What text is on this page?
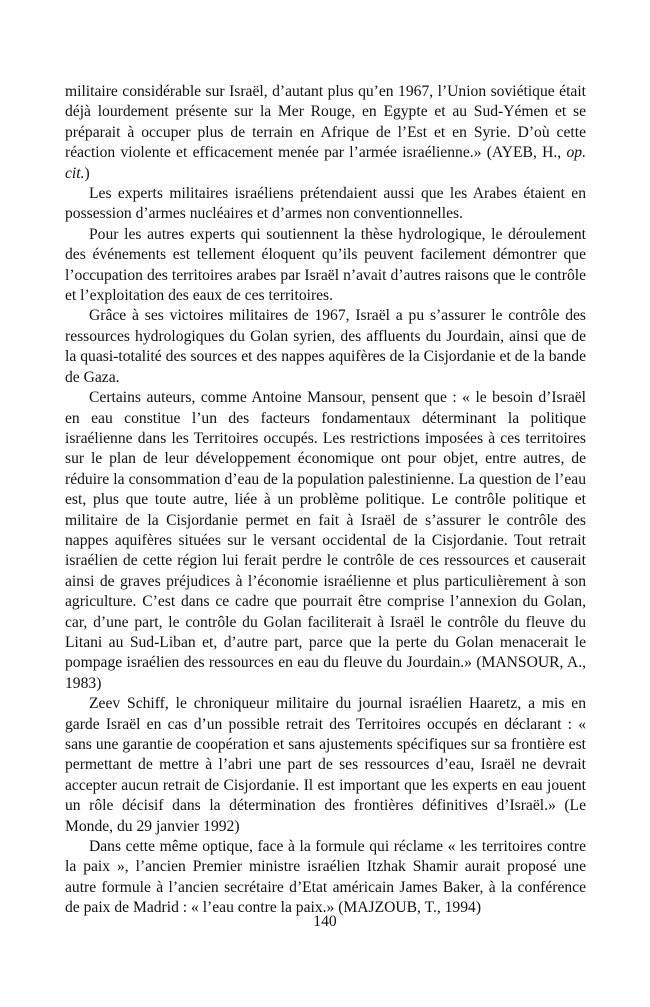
militaire considérable sur Israël, d’autant plus qu’en 1967, l’Union soviétique était déjà lourdement présente sur la Mer Rouge, en Egypte et au Sud-Yémen et se préparait à occuper plus de terrain en Afrique de l’Est et en Syrie. D’où cette réaction violente et efficacement menée par l’armée israélienne.» (AYEB, H., op. cit.)

Les experts militaires israéliens prétendaient aussi que les Arabes étaient en possession d’armes nucléaires et d’armes non conventionnelles.

Pour les autres experts qui soutiennent la thèse hydrologique, le déroulement des événements est tellement éloquent qu’ils peuvent facilement démontrer que l’occupation des territoires arabes par Israël n’avait d’autres raisons que le contrôle et l’exploitation des eaux de ces territoires.

Grâce à ses victoires militaires de 1967, Israël a pu s’assurer le contrôle des ressources hydrologiques du Golan syrien, des affluents du Jourdain, ainsi que de la quasi-totalité des sources et des nappes aquifères de la Cisjordanie et de la bande de Gaza.

Certains auteurs, comme Antoine Mansour, pensent que : « le besoin d’Israël en eau constitue l’un des facteurs fondamentaux déterminant la politique israélienne dans les Territoires occupés. Les restrictions imposées à ces territoires sur le plan de leur développement économique ont pour objet, entre autres, de réduire la consommation d’eau de la population palestinienne. La question de l’eau est, plus que toute autre, liée à un problème politique. Le contrôle politique et militaire de la Cisjordanie permet en fait à Israël de s’assurer le contrôle des nappes aquifères situées sur le versant occidental de la Cisjordanie. Tout retrait israélien de cette région lui ferait perdre le contrôle de ces ressources et causerait ainsi de graves préjudices à l’économie israélienne et plus particulièrement à son agriculture. C’est dans ce cadre que pourrait être comprise l’annexion du Golan, car, d’une part, le contrôle du Golan faciliterait à Israël le contrôle du fleuve du Litani au Sud-Liban et, d’autre part, parce que la perte du Golan menacerait le pompage israélien des ressources en eau du fleuve du Jourdain.» (MANSOUR, A., 1983)

Zeev Schiff, le chroniqueur militaire du journal israélien Haaretz, a mis en garde Israël en cas d’un possible retrait des Territoires occupés en déclarant : « sans une garantie de coopération et sans ajustements spécifiques sur sa frontière est permettant de mettre à l’abri une part de ses ressources d’eau, Israël ne devrait accepter aucun retrait de Cisjordanie. Il est important que les experts en eau jouent un rôle décisif dans la détermination des frontières définitives d’Israël.» (Le Monde, du 29 janvier 1992)

Dans cette même optique, face à la formule qui réclame « les territoires contre la paix », l’ancien Premier ministre israélien Itzhak Shamir aurait proposé une autre formule à l’ancien secrétaire d’Etat américain James Baker, à la conférence de paix de Madrid : « l’eau contre la paix.» (MAJZOUB, T., 1994)

140
